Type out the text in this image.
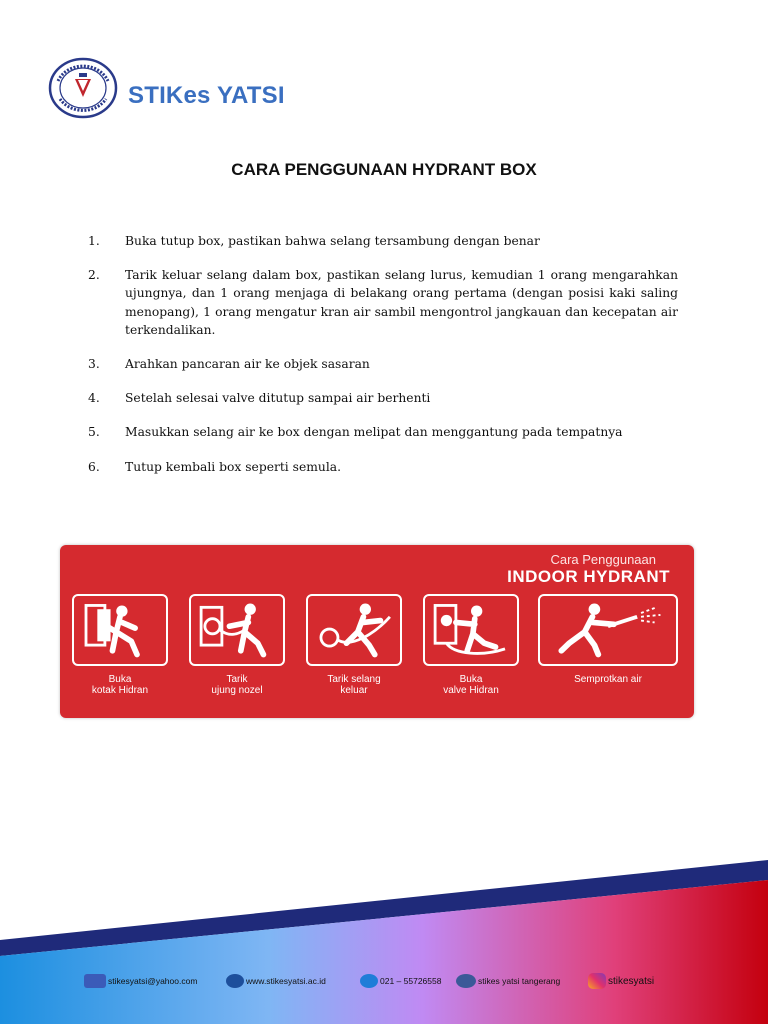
STIKes YATSI
CARA PENGGUNAAN HYDRANT BOX
1.	Buka tutup box, pastikan bahwa selang tersambung dengan benar
2.	Tarik keluar selang dalam box, pastikan selang lurus, kemudian 1 orang mengarahkan ujungnya, dan 1 orang menjaga di belakang orang pertama (dengan posisi kaki saling menopang), 1 orang mengatur kran air sambil mengontrol jangkauan dan kecepatan air terkendalikan.
3.	Arahkan pancaran air ke objek sasaran
4.	Setelah selesai valve ditutup sampai air berhenti
5.	Masukkan selang air ke box dengan melipat dan menggantung pada tempatnya
6.	Tutup kembali box seperti semula.
Cara Penggunaan
INDOOR HYDRANT
Buka
kotak Hidran
Tarik
ujung nozel
Tarik selang
keluar
Buka
valve Hidran
Semprotkan air
stikesyatsi@yahoo.com	www.stikesyatsi.ac.id	021 – 55726558	stikes yatsi tangerang	stikesyatsi
